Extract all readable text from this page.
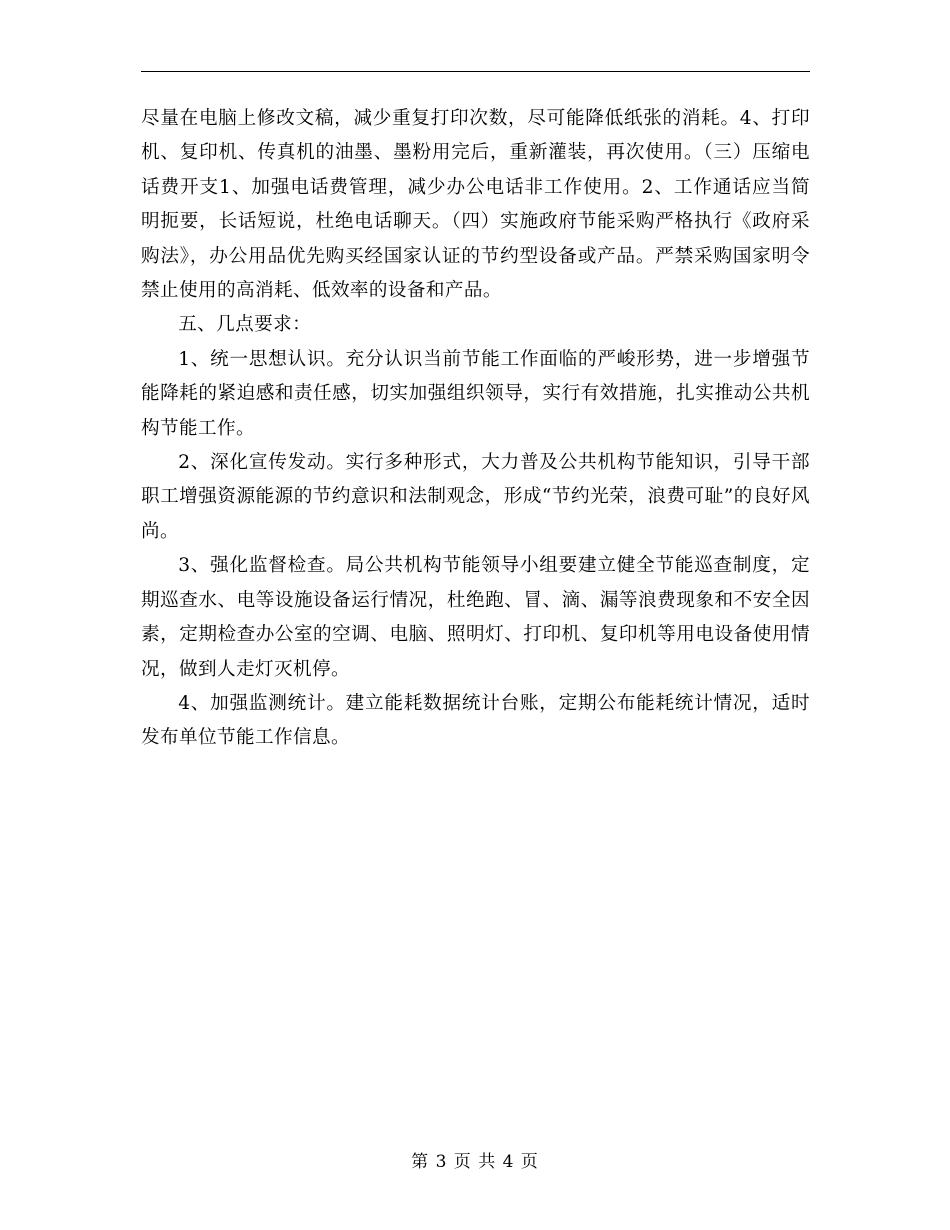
尽量在电脑上修改文稿，减少重复打印次数，尽可能降低纸张的消耗。4、打印机、复印机、传真机的油墨、墨粉用完后，重新灌装，再次使用。（三）压缩电话费开支1、加强电话费管理，减少办公电话非工作使用。2、工作通话应当简明扼要，长话短说，杜绝电话聊天。（四）实施政府节能采购严格执行《政府采购法》，办公用品优先购买经国家认证的节约型设备或产品。严禁采购国家明令禁止使用的高消耗、低效率的设备和产品。

五、几点要求：

1、统一思想认识。充分认识当前节能工作面临的严峻形势，进一步增强节能降耗的紧迫感和责任感，切实加强组织领导，实行有效措施，扎实推动公共机构节能工作。

2、深化宣传发动。实行多种形式，大力普及公共机构节能知识，引导干部职工增强资源能源的节约意识和法制观念，形成“节约光荣，浪费可耻”的良好风尚。

3、强化监督检查。局公共机构节能领导小组要建立健全节能巡查制度，定期巡查水、电等设施设备运行情况，杜绝跑、冒、滴、漏等浪费现象和不安全因素，定期检查办公室的空调、电脑、照明灯、打印机、复印机等用电设备使用情况，做到人走灯灭机停。

4、加强监测统计。建立能耗数据统计台账，定期公布能耗统计情况，适时发布单位节能工作信息。

第 3 页 共 4 页
